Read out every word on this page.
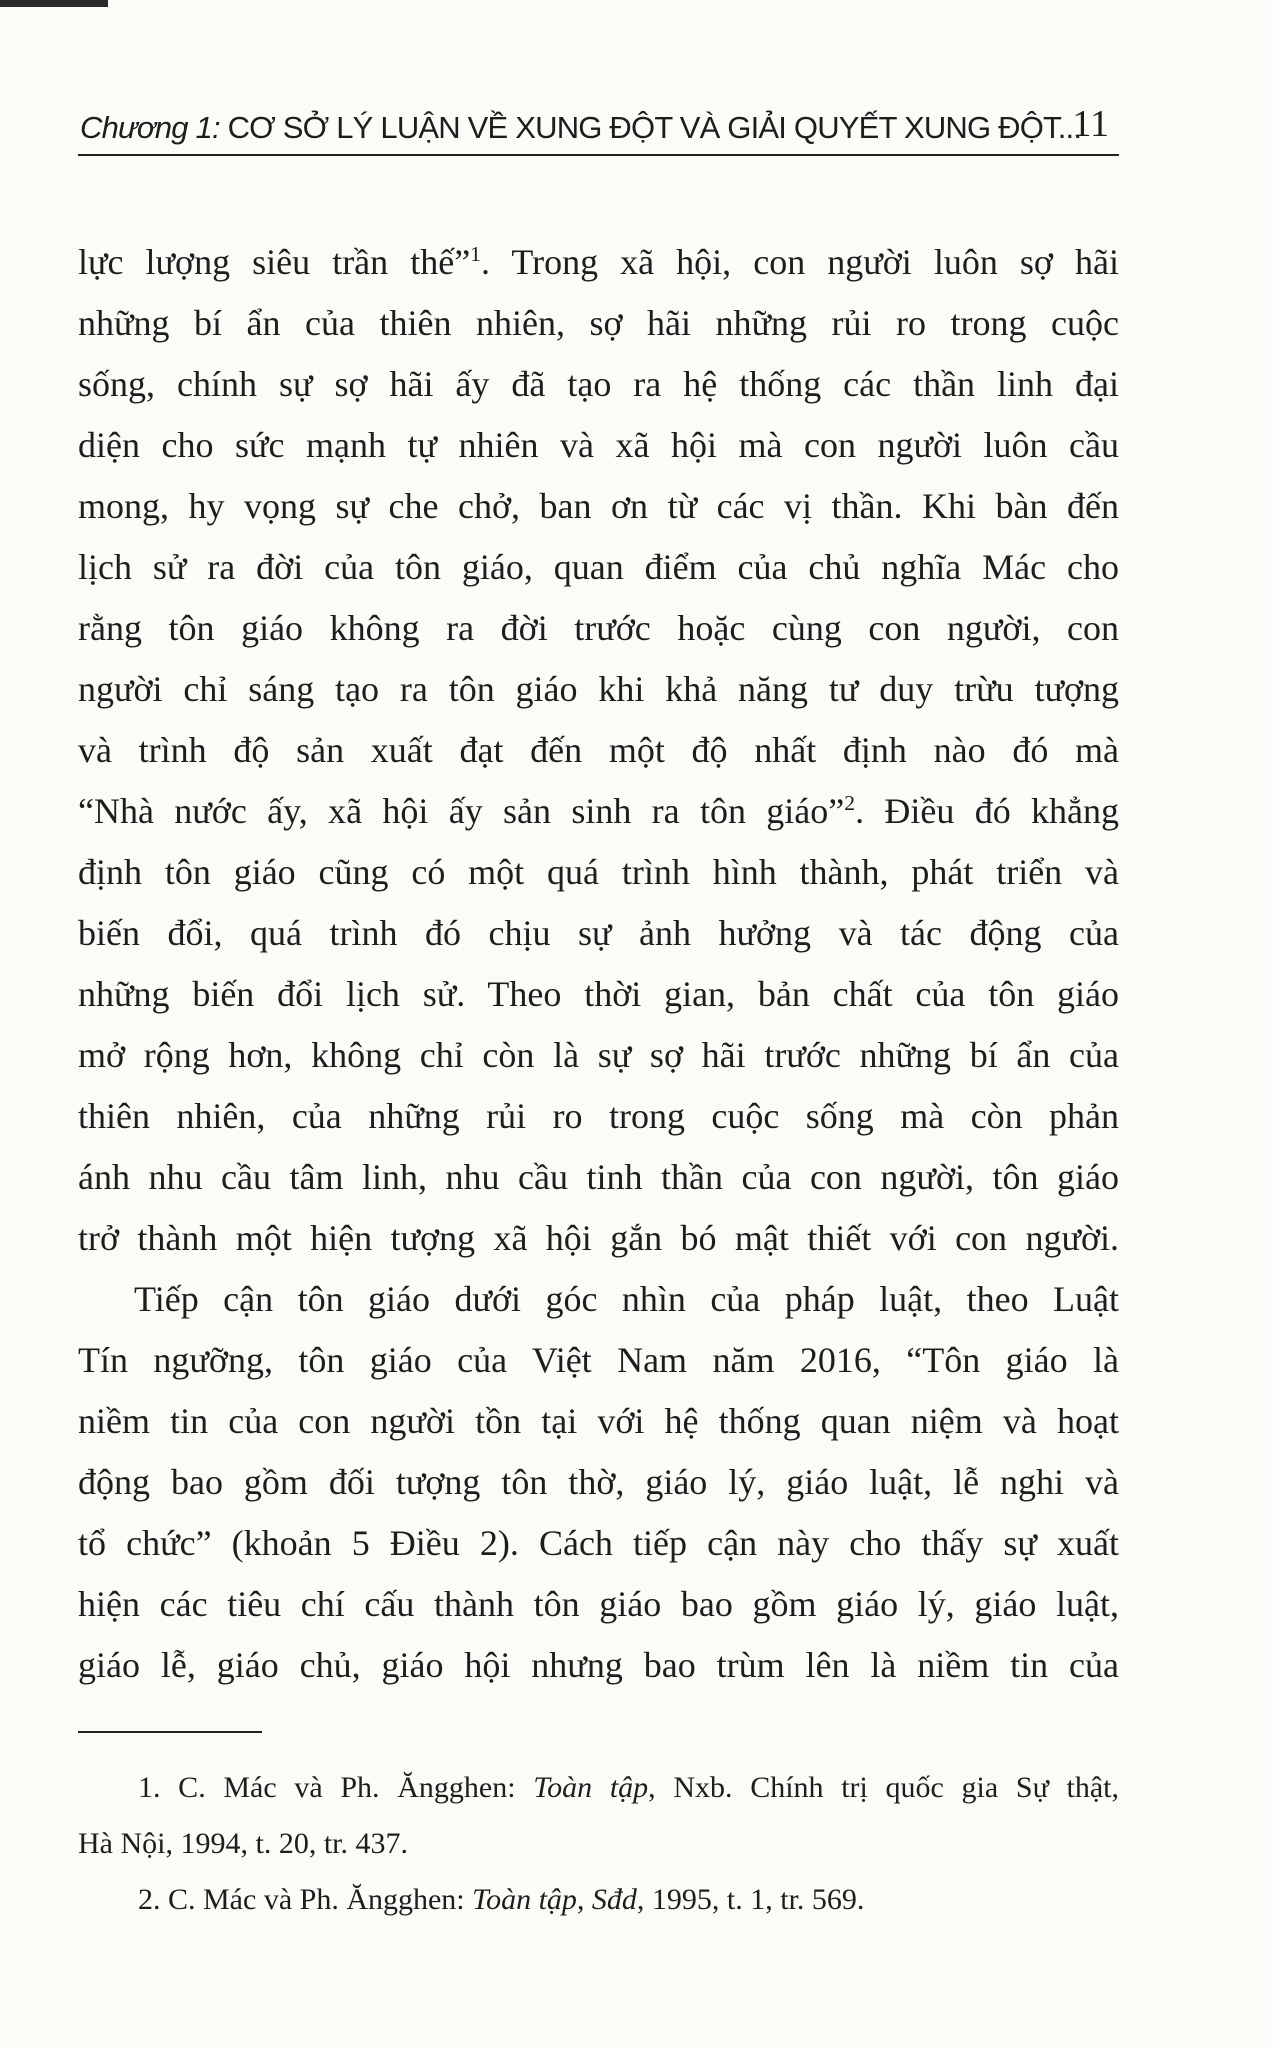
Chương 1: CƠ SỞ LÝ LUẬN VỀ XUNG ĐỘT VÀ GIẢI QUYẾT XUNG ĐỘT...
11
lực lượng siêu trần thế”$^1$. Trong xã hội, con người luôn sợ hãi
những bí ẩn của thiên nhiên, sợ hãi những rủi ro trong cuộc
sống, chính sự sợ hãi ấy đã tạo ra hệ thống các thần linh đại
diện cho sức mạnh tự nhiên và xã hội mà con người luôn cầu
mong, hy vọng sự che chở, ban ơn từ các vị thần. Khi bàn đến
lịch sử ra đời của tôn giáo, quan điểm của chủ nghĩa Mác cho
rằng tôn giáo không ra đời trước hoặc cùng con người, con
người chỉ sáng tạo ra tôn giáo khi khả năng tư duy trừu tượng
và trình độ sản xuất đạt đến một độ nhất định nào đó mà
“Nhà nước ấy, xã hội ấy sản sinh ra tôn giáo”$^2$. Điều đó khẳng
định tôn giáo cũng có một quá trình hình thành, phát triển và
biến đổi, quá trình đó chịu sự ảnh hưởng và tác động của
những biến đổi lịch sử. Theo thời gian, bản chất của tôn giáo
mở rộng hơn, không chỉ còn là sự sợ hãi trước những bí ẩn của
thiên nhiên, của những rủi ro trong cuộc sống mà còn phản
ánh nhu cầu tâm linh, nhu cầu tinh thần của con người, tôn giáo
trở thành một hiện tượng xã hội gắn bó mật thiết với con người.
Tiếp cận tôn giáo dưới góc nhìn của pháp luật, theo Luật
Tín ngưỡng, tôn giáo của Việt Nam năm 2016, “Tôn giáo là
niềm tin của con người tồn tại với hệ thống quan niệm và hoạt
động bao gồm đối tượng tôn thờ, giáo lý, giáo luật, lễ nghi và
tổ chức” (khoản 5 Điều 2). Cách tiếp cận này cho thấy sự xuất
hiện các tiêu chí cấu thành tôn giáo bao gồm giáo lý, giáo luật,
giáo lễ, giáo chủ, giáo hội nhưng bao trùm lên là niềm tin của
1. C. Mác và Ph. Ăngghen: Toàn tập, Nxb. Chính trị quốc gia Sự thật,
Hà Nội, 1994, t. 20, tr. 437.
2. C. Mác và Ph. Ăngghen: Toàn tập, Sđd, 1995, t. 1, tr. 569.
